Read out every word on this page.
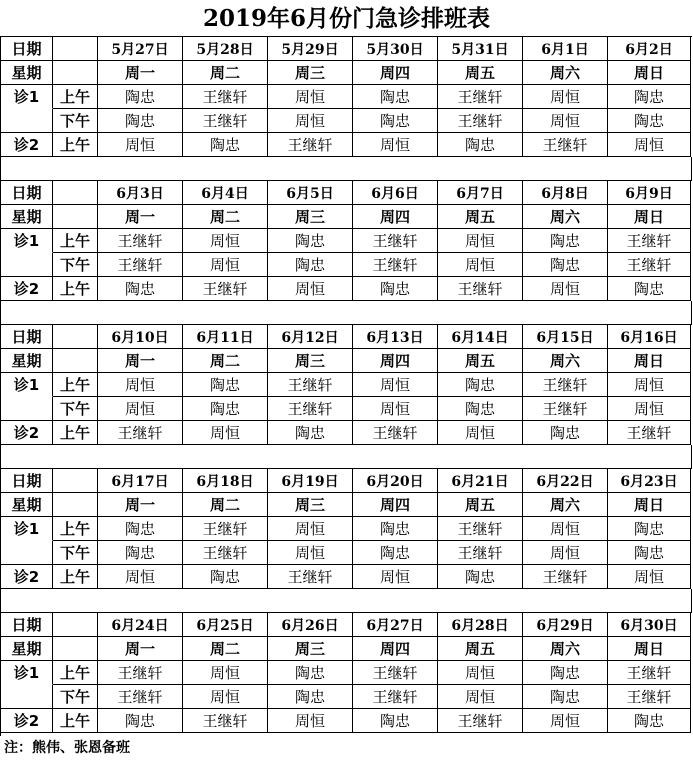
2019年6月份门急诊排班表
日期	5月27日	5月28日	5月29日	5月30日	5月31日	6月1日	6月2日
星期	周一	周二	周三	周四	周五	周六	周日
诊1	上午	陶忠	王继轩	周恒	陶忠	王继轩	周恒	陶忠
下午	陶忠	王继轩	周恒	陶忠	王继轩	周恒	陶忠
诊2	上午	周恒	陶忠	王继轩	周恒	陶忠	王继轩	周恒
日期	6月3日	6月4日	6月5日	6月6日	6月7日	6月8日	6月9日
星期	周一	周二	周三	周四	周五	周六	周日
诊1	上午	王继轩	周恒	陶忠	王继轩	周恒	陶忠	王继轩
下午	王继轩	周恒	陶忠	王继轩	周恒	陶忠	王继轩
诊2	上午	陶忠	王继轩	周恒	陶忠	王继轩	周恒	陶忠
日期	6月10日	6月11日	6月12日	6月13日	6月14日	6月15日	6月16日
星期	周一	周二	周三	周四	周五	周六	周日
诊1	上午	周恒	陶忠	王继轩	周恒	陶忠	王继轩	周恒
下午	周恒	陶忠	王继轩	周恒	陶忠	王继轩	周恒
诊2	上午	王继轩	周恒	陶忠	王继轩	周恒	陶忠	王继轩
日期	6月17日	6月18日	6月19日	6月20日	6月21日	6月22日	6月23日
星期	周一	周二	周三	周四	周五	周六	周日
诊1	上午	陶忠	王继轩	周恒	陶忠	王继轩	周恒	陶忠
下午	陶忠	王继轩	周恒	陶忠	王继轩	周恒	陶忠
诊2	上午	周恒	陶忠	王继轩	周恒	陶忠	王继轩	周恒
日期	6月24日	6月25日	6月26日	6月27日	6月28日	6月29日	6月30日
星期	周一	周二	周三	周四	周五	周六	周日
诊1	上午	王继轩	周恒	陶忠	王继轩	周恒	陶忠	王继轩
下午	王继轩	周恒	陶忠	王继轩	周恒	陶忠	王继轩
诊2	上午	陶忠	王继轩	周恒	陶忠	王继轩	周恒	陶忠
注：熊伟、张恩备班
